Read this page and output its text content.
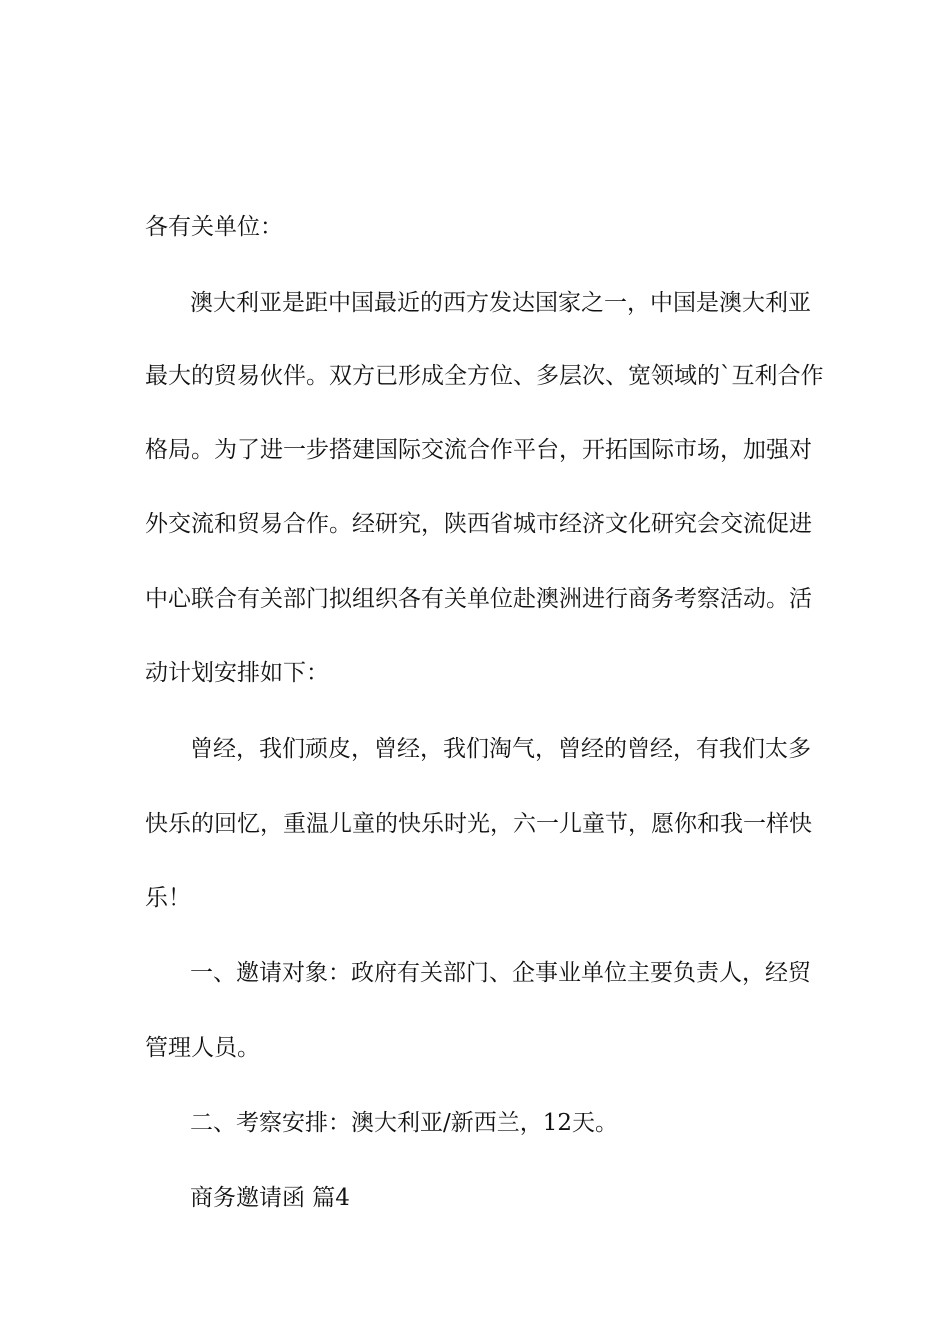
各有关单位：

澳大利亚是距中国最近的西方发达国家之一，中国是澳大利亚

最大的贸易伙伴。双方已形成全方位、多层次、宽领域的`互利合作

格局。为了进一步搭建国际交流合作平台，开拓国际市场，加强对

外交流和贸易合作。经研究，陕西省城市经济文化研究会交流促进

中心联合有关部门拟组织各有关单位赴澳洲进行商务考察活动。活

动计划安排如下：

曾经，我们顽皮，曾经，我们淘气，曾经的曾经，有我们太多

快乐的回忆，重温儿童的快乐时光，六一儿童节，愿你和我一样快

乐！

一、邀请对象：政府有关部门、企事业单位主要负责人，经贸

管理人员。

二、考察安排：澳大利亚/新西兰，12天。

商务邀请函 篇4
